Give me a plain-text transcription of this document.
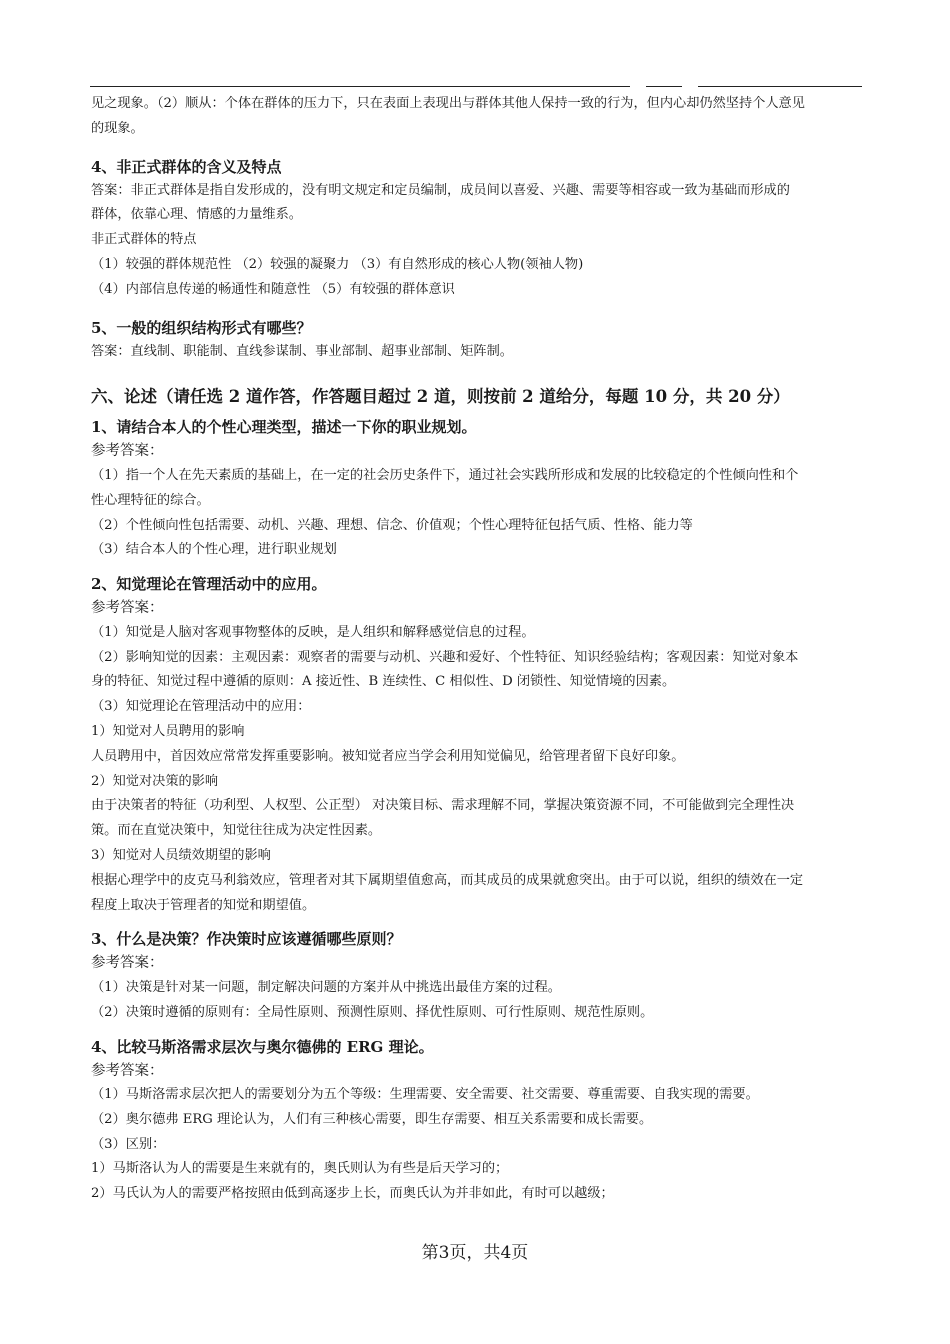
见之现象。（2）顺从：个体在群体的压力下，只在表面上表现出与群体其他人保持一致的行为，但内心却仍然坚持个人意见

的现象。

4、非正式群体的含义及特点

答案：非正式群体是指自发形成的，没有明文规定和定员编制，成员间以喜爱、兴趣、需要等相容或一致为基础而形成的

群体，依靠心理、情感的力量维系。

非正式群体的特点

（1）较强的群体规范性 （2）较强的凝聚力 （3）有自然形成的核心人物(领袖人物)

（4）内部信息传递的畅通性和随意性 （5）有较强的群体意识

5、一般的组织结构形式有哪些？

答案：直线制、职能制、直线参谋制、事业部制、超事业部制、矩阵制。

六、论述（请任选 2 道作答，作答题目超过 2 道，则按前 2 道给分，每题 10 分，共 20 分）

1、请结合本人的个性心理类型，描述一下你的职业规划。

参考答案：

（1）指一个人在先天素质的基础上，在一定的社会历史条件下，通过社会实践所形成和发展的比较稳定的个性倾向性和个

性心理特征的综合。

（2）个性倾向性包括需要、动机、兴趣、理想、信念、价值观；个性心理特征包括气质、性格、能力等

（3）结合本人的个性心理，进行职业规划

2、知觉理论在管理活动中的应用。

参考答案：

（1）知觉是人脑对客观事物整体的反映，是人组织和解释感觉信息的过程。

（2）影响知觉的因素：主观因素：观察者的需要与动机、兴趣和爱好、个性特征、知识经验结构；客观因素：知觉对象本

身的特征、知觉过程中遵循的原则：A 接近性、B 连续性、C 相似性、D 闭锁性、知觉情境的因素。

（3）知觉理论在管理活动中的应用：

1）知觉对人员聘用的影响

人员聘用中，首因效应常常发挥重要影响。被知觉者应当学会利用知觉偏见，给管理者留下良好印象。

2）知觉对决策的影响

由于决策者的特征（功利型、人权型、公正型） 对决策目标、需求理解不同，掌握决策资源不同，不可能做到完全理性决

策。而在直觉决策中，知觉往往成为决定性因素。

3）知觉对人员绩效期望的影响

根据心理学中的皮克马利翁效应，管理者对其下属期望值愈高，而其成员的成果就愈突出。由于可以说，组织的绩效在一定

程度上取决于管理者的知觉和期望值。

3、什么是决策？作决策时应该遵循哪些原则？

参考答案：

（1）决策是针对某一问题，制定解决问题的方案并从中挑选出最佳方案的过程。

（2）决策时遵循的原则有：全局性原则、预测性原则、择优性原则、可行性原则、规范性原则。

4、比较马斯洛需求层次与奥尔德佛的 ERG 理论。

参考答案：

（1）马斯洛需求层次把人的需要划分为五个等级：生理需要、安全需要、社交需要、尊重需要、自我实现的需要。

（2）奥尔德弗 ERG 理论认为，人们有三种核心需要，即生存需要、相互关系需要和成长需要。

（3）区别：

1）马斯洛认为人的需要是生来就有的，奥氏则认为有些是后天学习的；

2）马氏认为人的需要严格按照由低到高逐步上长，而奥氏认为并非如此，有时可以越级；

第3页，共4页
